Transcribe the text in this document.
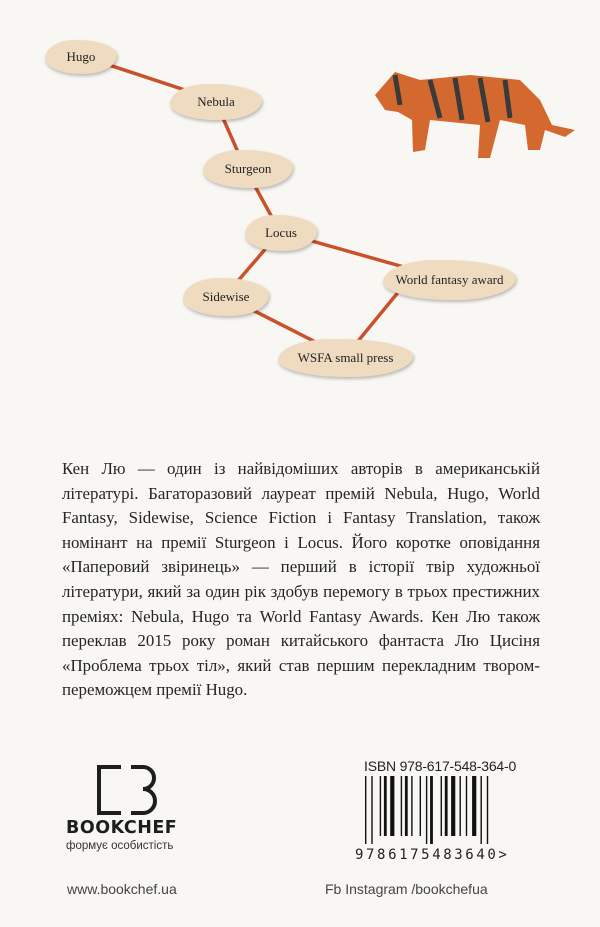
Hugo
Nebula
Sturgeon
Locus
World fantasy award
Sidewise
WSFA small press

Кен Лю — один із найвідоміших авторів в американській літературі. Багаторазовий лауреат премій Nebula, Hugo, World Fantasy, Sidewise, Science Fiction і Fantasy Translation, також номінант на премії Sturgeon і Locus. Його коротке оповідання «Паперовий звіринець» — перший в історії твір художньої літератури, який за один рік здобув перемогу в трьох престижних преміях: Nebula, Hugo та World Fantasy Awards. Кен Лю також переклав 2015 року роман китайського фантаста Лю Цисіня «Проблема трьох тіл», який став першим перекладним твором-переможцем премії Hugo.

BOOKCHEF
формує особистість
ISBN 978-617-548-364-0
9786175483640>
www.bookchef.ua	Fb Instagram /bookchefua
